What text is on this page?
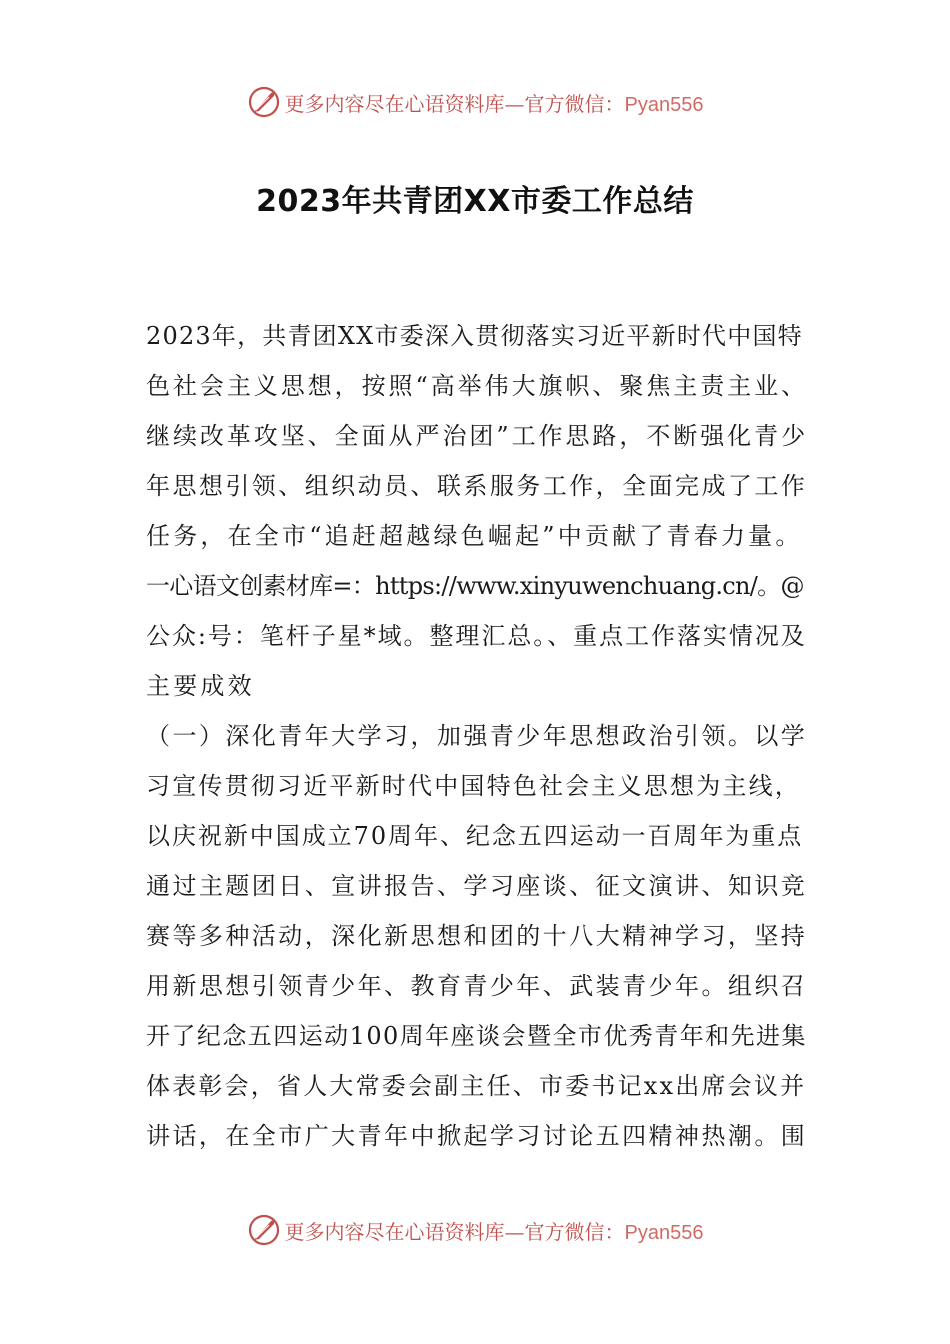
更多内容尽在心语资料库—官方微信：Pyan556
2023年共青团XX市委工作总结
2023年，共青团XX市委深入贯彻落实习近平新时代中国特
色社会主义思想，按照“高举伟大旗帜、聚焦主责主业、
继续改革攻坚、全面从严治团”工作思路，不断强化青少
年思想引领、组织动员、联系服务工作，全面完成了工作
任务，在全市“追赶超越绿色崛起”中贡献了青春力量。
一心语文创素材库=：https://www.xinyuwenchuang.cn/。@
公众:号：笔杆子星*域。整理汇总。、重点工作落实情况及
主要成效
（一）深化青年大学习，加强青少年思想政治引领。以学
习宣传贯彻习近平新时代中国特色社会主义思想为主线，
以庆祝新中国成立70周年、纪念五四运动一百周年为重点
通过主题团日、宣讲报告、学习座谈、征文演讲、知识竞
赛等多种活动，深化新思想和团的十八大精神学习，坚持
用新思想引领青少年、教育青少年、武装青少年。组织召
开了纪念五四运动100周年座谈会暨全市优秀青年和先进集
体表彰会，省人大常委会副主任、市委书记xx出席会议并
讲话，在全市广大青年中掀起学习讨论五四精神热潮。围
更多内容尽在心语资料库—官方微信：Pyan556
